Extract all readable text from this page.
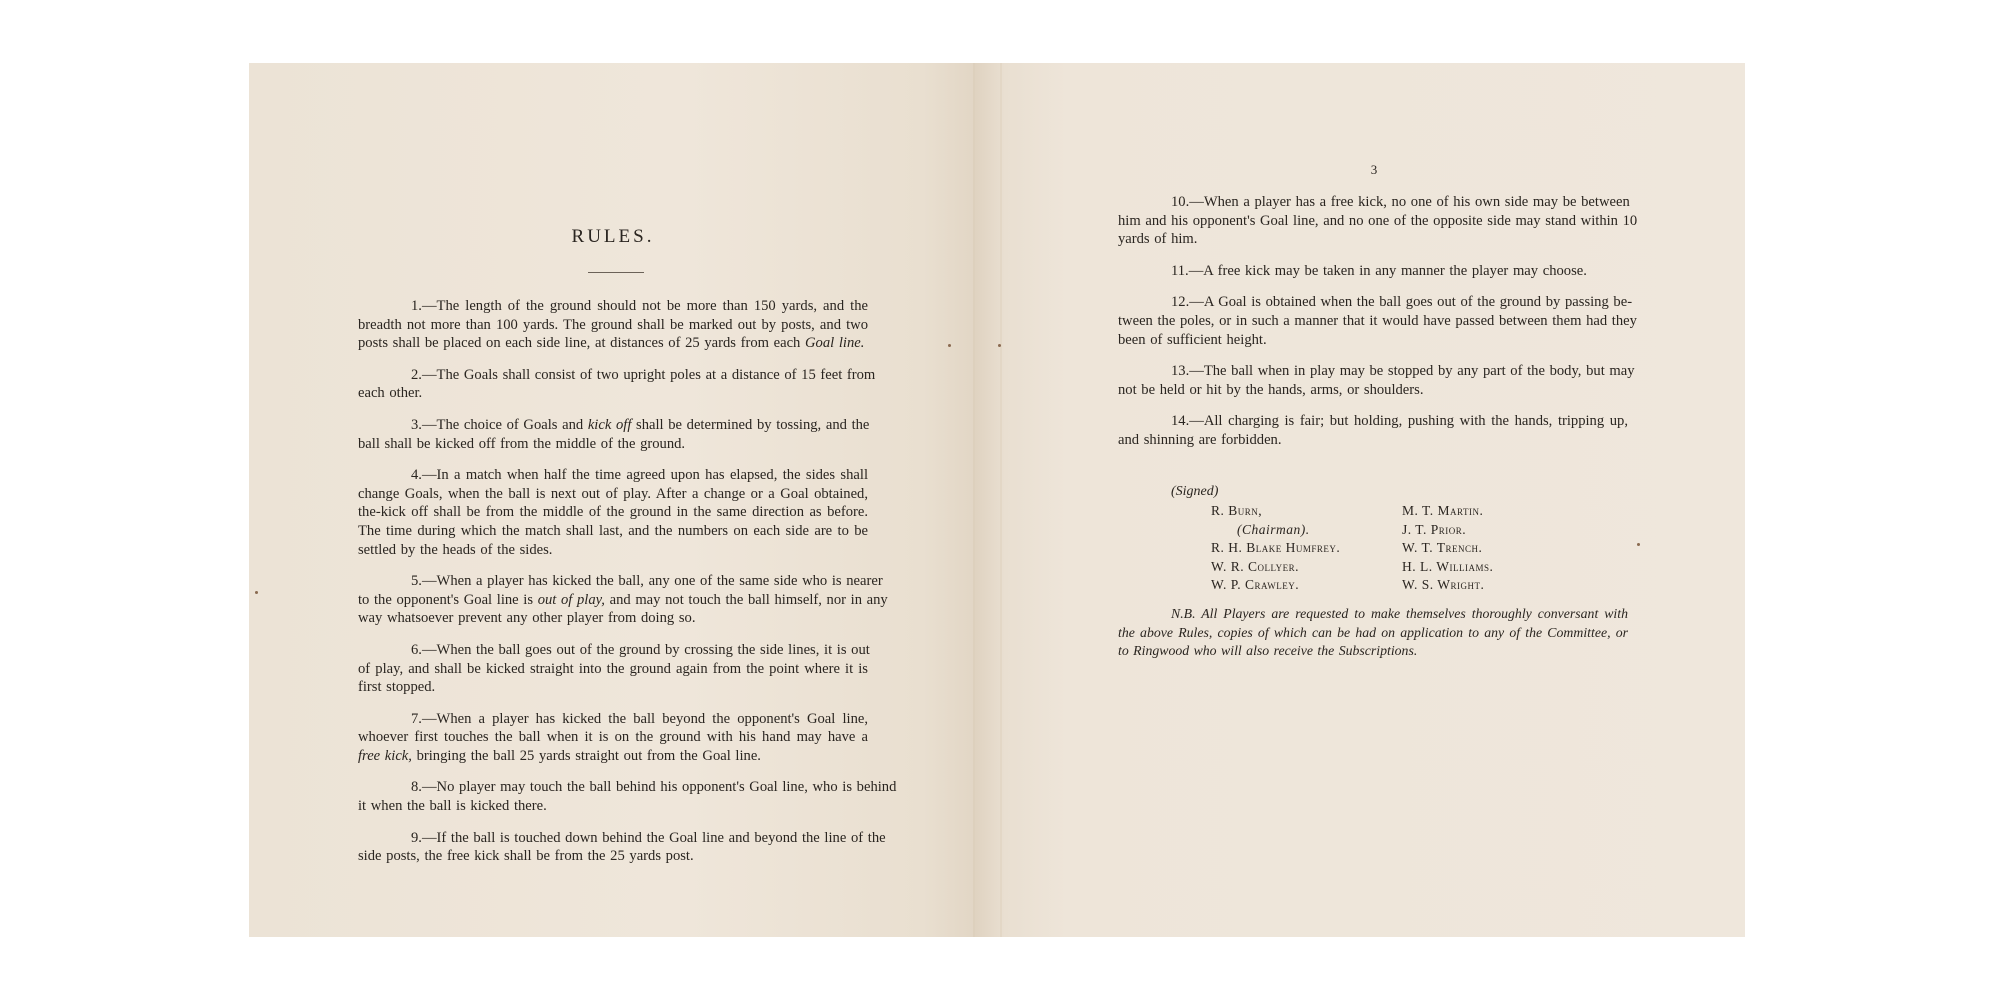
RULES.
1.—The length of the ground should not be more than 150 yards, and the
breadth not more than 100 yards. The ground shall be marked out by posts, and two
posts shall be placed on each side line, at distances of 25 yards from each Goal line.
2.—The Goals shall consist of two upright poles at a distance of 15 feet from
each other.
3.—The choice of Goals and kick off shall be determined by tossing, and the
ball shall be kicked off from the middle of the ground.
4.—In a match when half the time agreed upon has elapsed, the sides shall
change Goals, when the ball is next out of play. After a change or a Goal obtained,
the-kick off shall be from the middle of the ground in the same direction as before.
The time during which the match shall last, and the numbers on each side are to be
settled by the heads of the sides.
5.—When a player has kicked the ball, any one of the same side who is nearer
to the opponent's Goal line is out of play, and may not touch the ball himself, nor in any
way whatsoever prevent any other player from doing so.
6.—When the ball goes out of the ground by crossing the side lines, it is out
of play, and shall be kicked straight into the ground again from the point where it is
first stopped.
7.—When a player has kicked the ball beyond the opponent's Goal line,
whoever first touches the ball when it is on the ground with his hand may have a
free kick, bringing the ball 25 yards straight out from the Goal line.
8.—No player may touch the ball behind his opponent's Goal line, who is behind
it when the ball is kicked there.
9.—If the ball is touched down behind the Goal line and beyond the line of the
side posts, the free kick shall be from the 25 yards post.
3
10.—When a player has a free kick, no one of his own side may be between
him and his opponent's Goal line, and no one of the opposite side may stand within 10
yards of him.
11.—A free kick may be taken in any manner the player may choose.
12.—A Goal is obtained when the ball goes out of the ground by passing be-
tween the poles, or in such a manner that it would have passed between them had they
been of sufficient height.
13.—The ball when in play may be stopped by any part of the body, but may
not be held or hit by the hands, arms, or shoulders.
14.—All charging is fair; but holding, pushing with the hands, tripping up,
and shinning are forbidden.
(Signed)
R. Burn,
(Chairman).
R. H. Blake Humfrey.
W. R. Collyer.
W. P. Crawley.
M. T. Martin.
J. T. Prior.
W. T. Trench.
H. L. Williams.
W. S. Wright.
N.B. All Players are requested to make themselves thoroughly conversant with
the above Rules, copies of which can be had on application to any of the Committee, or
to Ringwood who will also receive the Subscriptions.
